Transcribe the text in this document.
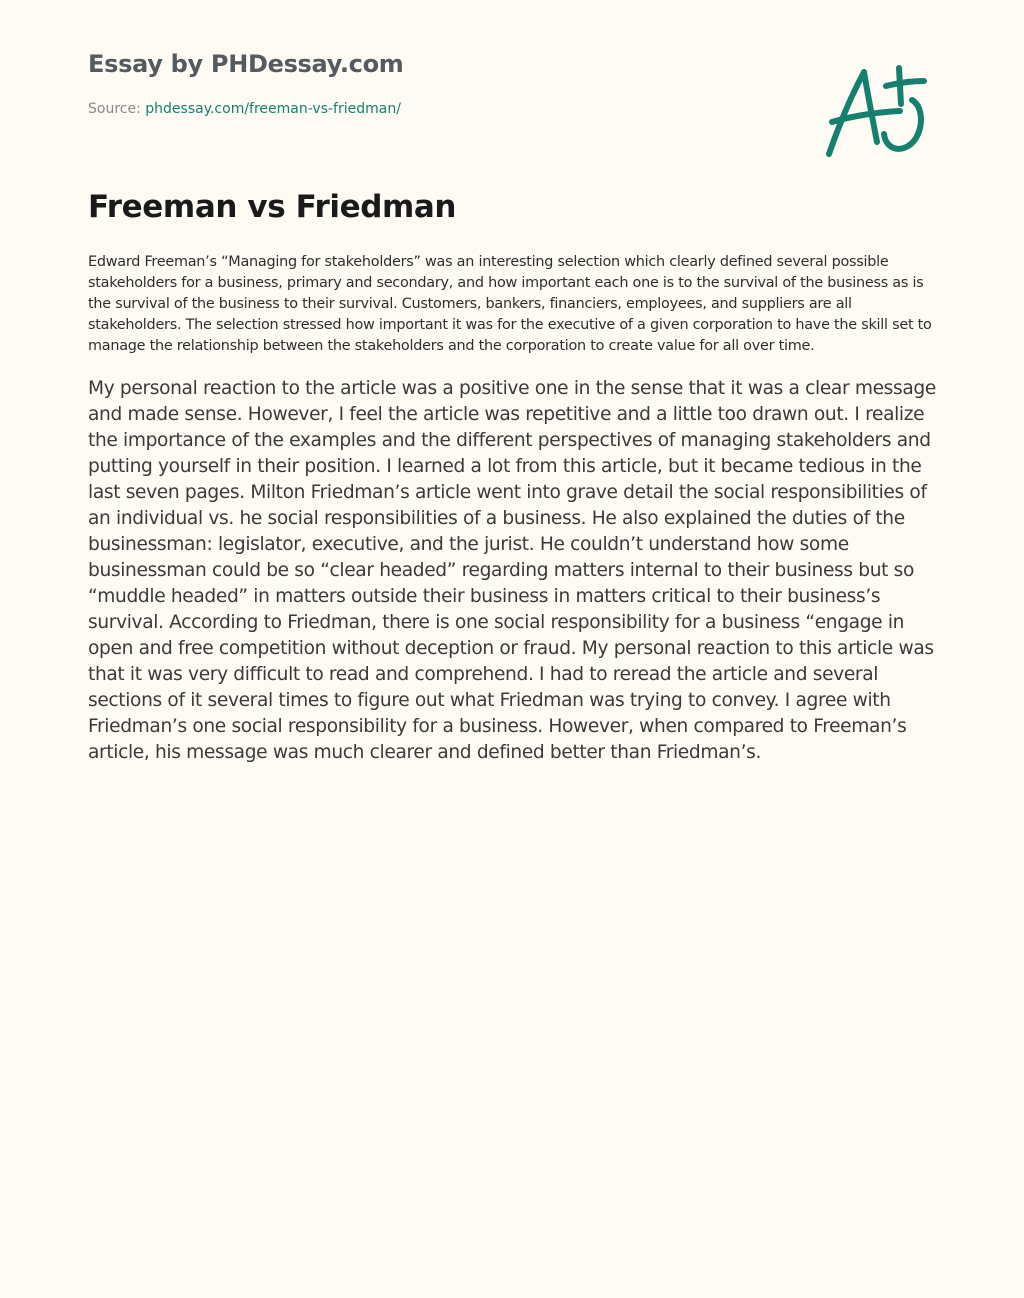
Essay by PHDessay.com
Source: phdessay.com/freeman-vs-friedman/
Freeman vs Friedman

Edward Freeman’s “Managing for stakeholders” was an interesting selection which clearly defined several possible stakeholders for a business, primary and secondary, and how important each one is to the survival of the business as is the survival of the business to their survival. Customers, bankers, financiers, employees, and suppliers are all stakeholders. The selection stressed how important it was for the executive of a given corporation to have the skill set to manage the relationship between the stakeholders and the corporation to create value for all over time.

My personal reaction to the article was a positive one in the sense that it was a clear message and made sense. However, I feel the article was repetitive and a little too drawn out. I realize the importance of the examples and the different perspectives of managing stakeholders and putting yourself in their position. I learned a lot from this article, but it became tedious in the last seven pages. Milton Friedman’s article went into grave detail the social responsibilities of an individual vs. he social responsibilities of a business. He also explained the duties of the businessman: legislator, executive, and the jurist. He couldn’t understand how some businessman could be so “clear headed” regarding matters internal to their business but so “muddle headed” in matters outside their business in matters critical to their business’s survival. According to Friedman, there is one social responsibility for a business “engage in open and free competition without deception or fraud. My personal reaction to this article was that it was very difficult to read and comprehend. I had to reread the article and several sections of it several times to figure out what Friedman was trying to convey. I agree with Friedman’s one social responsibility for a business. However, when compared to Freeman’s article, his message was much clearer and defined better than Friedman’s.
